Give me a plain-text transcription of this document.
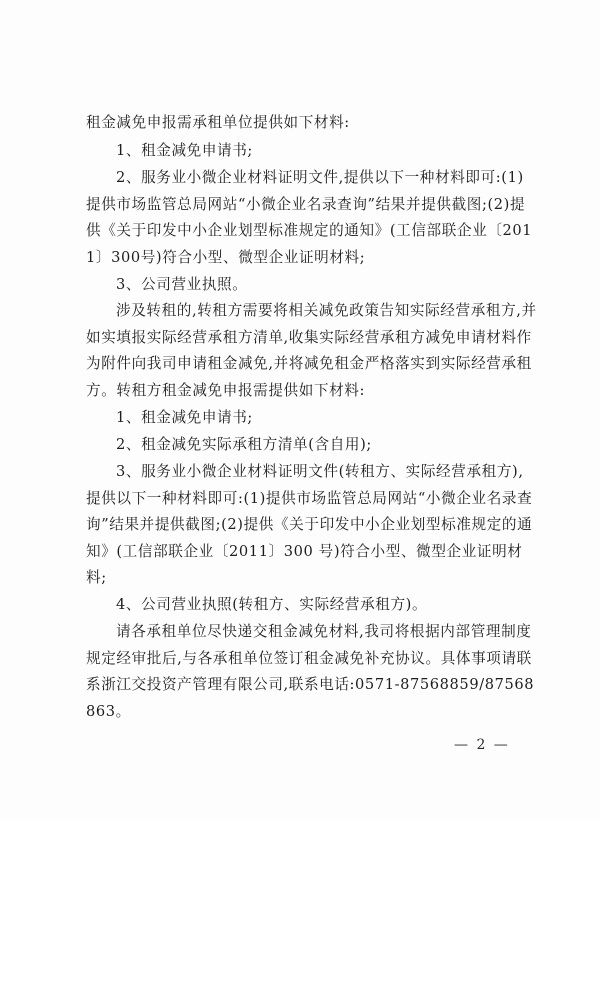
租金减免申报需承租单位提供如下材料:

1、租金减免申请书;

2、服务业小微企业材料证明文件,提供以下一种材料即可:(1)提供市场监管总局网站“小微企业名录查询”结果并提供截图;(2)提供《关于印发中小企业划型标准规定的通知》(工信部联企业〔2011〕300号)符合小型、微型企业证明材料;

3、公司营业执照。

涉及转租的,转租方需要将相关减免政策告知实际经营承租方,并如实填报实际经营承租方清单,收集实际经营承租方减免申请材料作为附件向我司申请租金减免,并将减免租金严格落实到实际经营承租方。转租方租金减免申报需提供如下材料:

1、租金减免申请书;

2、租金减免实际承租方清单(含自用);

3、服务业小微企业材料证明文件(转租方、实际经营承租方),提供以下一种材料即可:(1)提供市场监管总局网站“小微企业名录查询”结果并提供截图;(2)提供《关于印发中小企业划型标准规定的通知》(工信部联企业〔2011〕300 号)符合小型、微型企业证明材料;

4、公司营业执照(转租方、实际经营承租方)。

请各承租单位尽快递交租金减免材料,我司将根据内部管理制度规定经审批后,与各承租单位签订租金减免补充协议。具体事项请联系浙江交投资产管理有限公司,联系电话:0571-87568859/87568863。

— 2 —
